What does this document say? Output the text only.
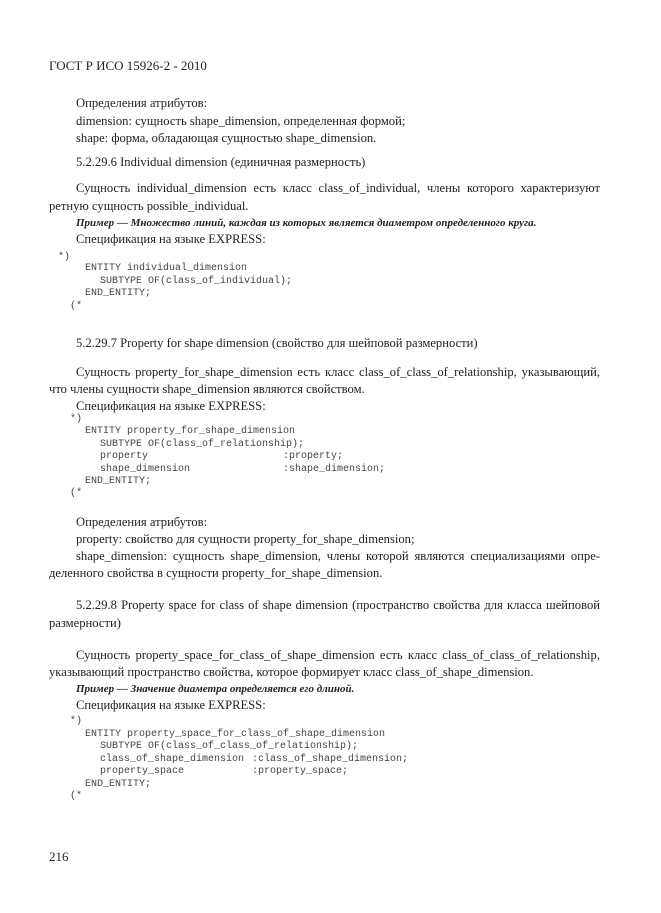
ГОСТ Р ИСО 15926-2 - 2010
Определения атрибутов:
dimension: сущность shape_dimension, определенная формой;
shape: форма, обладающая сущностью shape_dimension.
5.2.29.6 Individual dimension (единичная размерность)
Сущность individual_dimension есть класс class_of_individual, члены которого характеризуют
ретную сущность possible_individual.
Пример — Множество линий, каждая из которых является диаметром определенного круга.
Спецификация на языке EXPRESS:
*)
ENTITY individual_dimension
SUBTYPE OF(class_of_individual);
END_ENTITY;
(*
5.2.29.7 Property for shape dimension (свойство для шейповой размерности)
Сущность property_for_shape_dimension есть класс class_of_class_of_relationship, указывающий,
что члены сущности shape_dimension являются свойством.
Спецификация на языке EXPRESS:
*)
ENTITY property_for_shape_dimension
SUBTYPE OF(class_of_relationship);
property	:property;
shape_dimension	:shape_dimension;
END_ENTITY;
(*
Определения атрибутов:
property: свойство для сущности property_for_shape_dimension;
shape_dimension: сущность shape_dimension, члены которой являются специализациями опре-
деленного свойства в сущности property_for_shape_dimension.
5.2.29.8 Property space for class of shape dimension (пространство свойства для класса шейповой
размерности)
Сущность property_space_for_class_of_shape_dimension есть класс class_of_class_of_relationship,
указывающий пространство свойства, которое формирует класс class_of_shape_dimension.
Пример — Значение диаметра определяется его длиной.
Спецификация на языке EXPRESS:
*)
ENTITY property_space_for_class_of_shape_dimension
SUBTYPE OF(class_of_class_of_relationship);
class_of_shape_dimension :class_of_shape_dimension;
property_space	:property_space;
END_ENTITY;
(*
216
